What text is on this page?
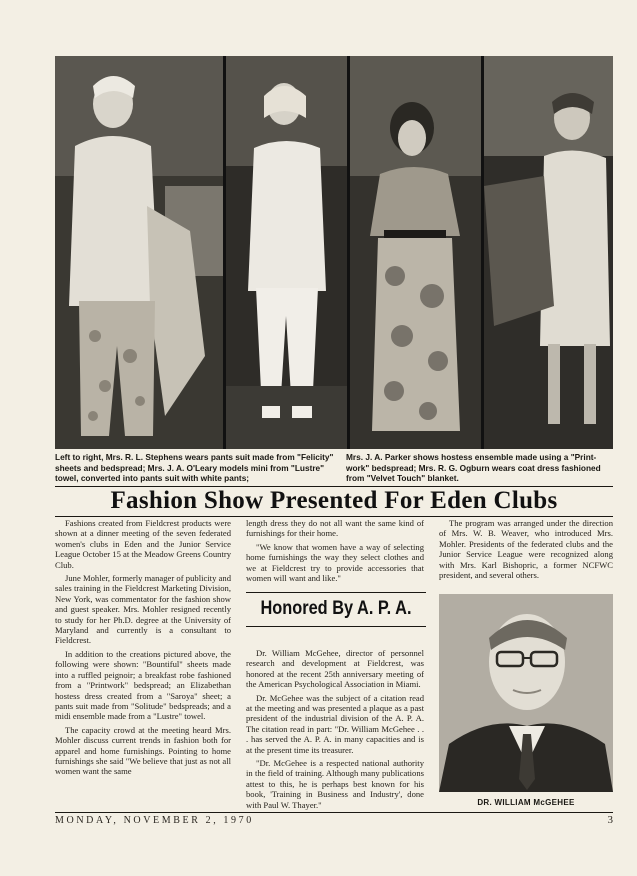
Left to right, Mrs. R. L. Stephens wears pants suit made from "Felicity" sheets and bedspread; Mrs. J. A. O'Leary models mini from "Lustre" towel, converted into pants suit with white pants;
Mrs. J. A. Parker shows hostess ensemble made using a "Print-work" bedspread; Mrs. R. G. Ogburn wears coat dress fashioned from "Velvet Touch" blanket.
Fashion Show Presented For Eden Clubs

Fashions created from Fieldcrest products were shown at a dinner meeting of the seven federated women's clubs in Eden and the Junior Service League October 15 at the Meadow Greens Country Club.

June Mohler, formerly manager of publicity and sales training in the Fieldcrest Marketing Division, New York, was commentator for the fashion show and guest speaker. Mrs. Mohler resigned recently to study for her Ph.D. degree at the University of Maryland and currently is a consultant to Fieldcrest.

In addition to the creations pictured above, the following were shown: "Bountiful" sheets made into a ruffled peignoir; a breakfast robe fashioned from a "Printwork" bedspread; an Elizabethan hostess dress created from a "Saroya" sheet; a pants suit made from "Solitude" bedspreads; and a midi ensemble made from a "Lustre" towel.

The capacity crowd at the meeting heard Mrs. Mohler discuss current trends in fashion both for apparel and home furnishings. Pointing to home furnishings she said "We believe that just as not all women want the same

length dress they do not all want the same kind of furnishings for their home.

"We know that women have a way of selecting home furnishings the way they select clothes and we at Fieldcrest try to provide accessories that women will want and like."

The program was arranged under the direction of Mrs. W. B. Weaver, who introduced Mrs. Mohler. Presidents of the federated clubs and the Junior Service League were recognized along with Mrs. Karl Bishopric, a former NCFWC president, and several others.

Honored By A. P. A.

Dr. William McGehee, director of personnel research and development at Fieldcrest, was honored at the recent 25th anniversary meeting of the American Psychological Association in Miami.

Dr. McGehee was the subject of a citation read at the meeting and was presented a plaque as a past president of the industrial division of the A. P. A. The citation read in part: "Dr. William McGehee . . . has served the A. P. A. in many capacities and is at the present time its treasurer.

"Dr. McGehee is a respected national authority in the field of training. Although many publications attest to this, he is perhaps best known for his book, 'Training in Business and Industry', done with Paul W. Thayer."	DR. WILLIAM McGEHEE
MONDAY, NOVEMBER 2, 1970	3
